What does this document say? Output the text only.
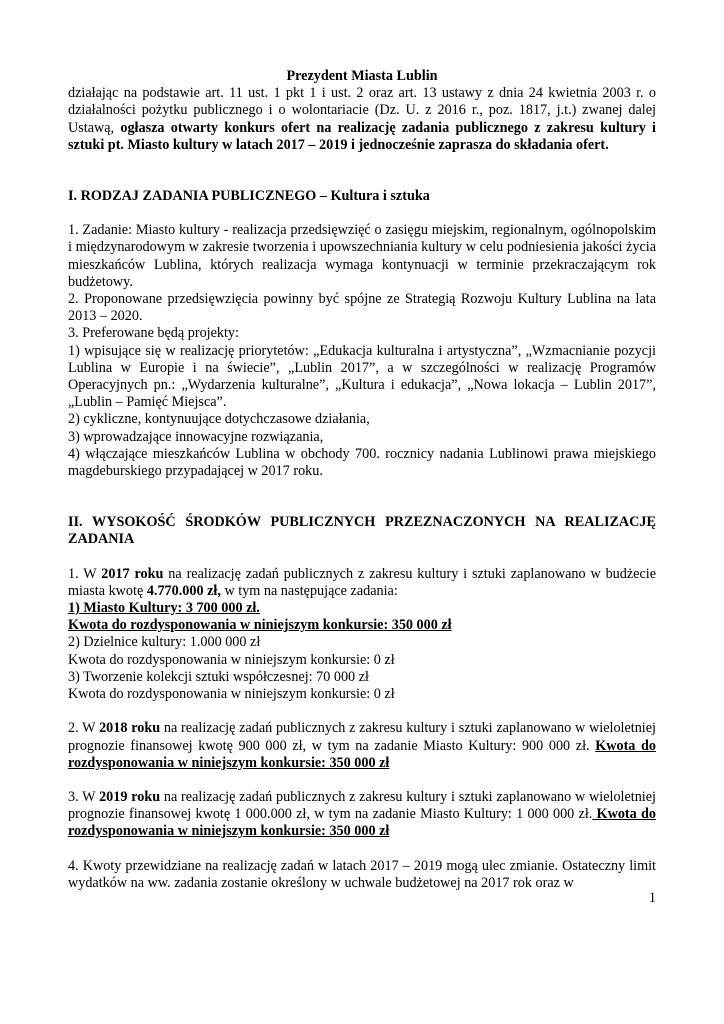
Prezydent Miasta Lublin

działając na podstawie art. 11 ust. 1 pkt 1 i ust. 2 oraz art. 13 ustawy z dnia 24 kwietnia 2003 r. o działalności pożytku publicznego i o wolontariacie (Dz. U. z 2016 r., poz. 1817, j.t.) zwanej dalej Ustawą, ogłasza otwarty konkurs ofert na realizację zadania publicznego z zakresu kultury i sztuki pt. Miasto kultury w latach 2017 – 2019 i jednocześnie zaprasza do składania ofert.

I. RODZAJ ZADANIA PUBLICZNEGO – Kultura i sztuka

1. Zadanie: Miasto kultury - realizacja przedsięwzięć o zasięgu miejskim, regionalnym, ogólnopolskim i międzynarodowym w zakresie tworzenia i upowszechniania kultury w celu podniesienia jakości życia mieszkańców Lublina, których realizacja wymaga kontynuacji w terminie przekraczającym rok budżetowy.

2. Proponowane przedsięwzięcia powinny być spójne ze Strategią Rozwoju Kultury Lublina na lata 2013 – 2020.

3. Preferowane będą projekty:

1) wpisujące się w realizację priorytetów: „Edukacja kulturalna i artystyczna”, „Wzmacnianie pozycji Lublina w Europie i na świecie”, „Lublin 2017”, a w szczególności w realizację Programów Operacyjnych pn.: „Wydarzenia kulturalne”, „Kultura i edukacja”, „Nowa lokacja – Lublin 2017”, „Lublin – Pamięć Miejsca”.

2) cykliczne, kontynuujące dotychczasowe działania,

3) wprowadzające innowacyjne rozwiązania,

4) włączające mieszkańców Lublina w obchody 700. rocznicy nadania Lublinowi prawa miejskiego magdeburskiego przypadającej w 2017 roku.

II. WYSOKOŚĆ ŚRODKÓW PUBLICZNYCH PRZEZNACZONYCH NA REALIZACJĘ ZADANIA

1. W 2017 roku na realizację zadań publicznych z zakresu kultury i sztuki zaplanowano w budżecie miasta kwotę 4.770.000 zł, w tym na następujące zadania:

1) Miasto Kultury: 3 700 000 zł.

Kwota do rozdysponowania w niniejszym konkursie: 350 000 zł

2) Dzielnice kultury: 1.000 000 zł

Kwota do rozdysponowania w niniejszym konkursie: 0 zł

3) Tworzenie kolekcji sztuki współczesnej: 70 000 zł

Kwota do rozdysponowania w niniejszym konkursie: 0 zł

2. W 2018 roku na realizację zadań publicznych z zakresu kultury i sztuki zaplanowano w wieloletniej prognozie finansowej kwotę 900 000 zł, w tym na zadanie Miasto Kultury: 900 000 zł. Kwota do rozdysponowania w niniejszym konkursie: 350 000 zł

3. W 2019 roku na realizację zadań publicznych z zakresu kultury i sztuki zaplanowano w wieloletniej prognozie finansowej kwotę 1 000.000 zł, w tym na zadanie Miasto Kultury: 1 000 000 zł. Kwota do rozdysponowania w niniejszym konkursie: 350 000 zł

4. Kwoty przewidziane na realizację zadań w latach 2017 – 2019 mogą ulec zmianie. Ostateczny limit wydatków na ww. zadania zostanie określony w uchwale budżetowej na 2017 rok oraz w

1
